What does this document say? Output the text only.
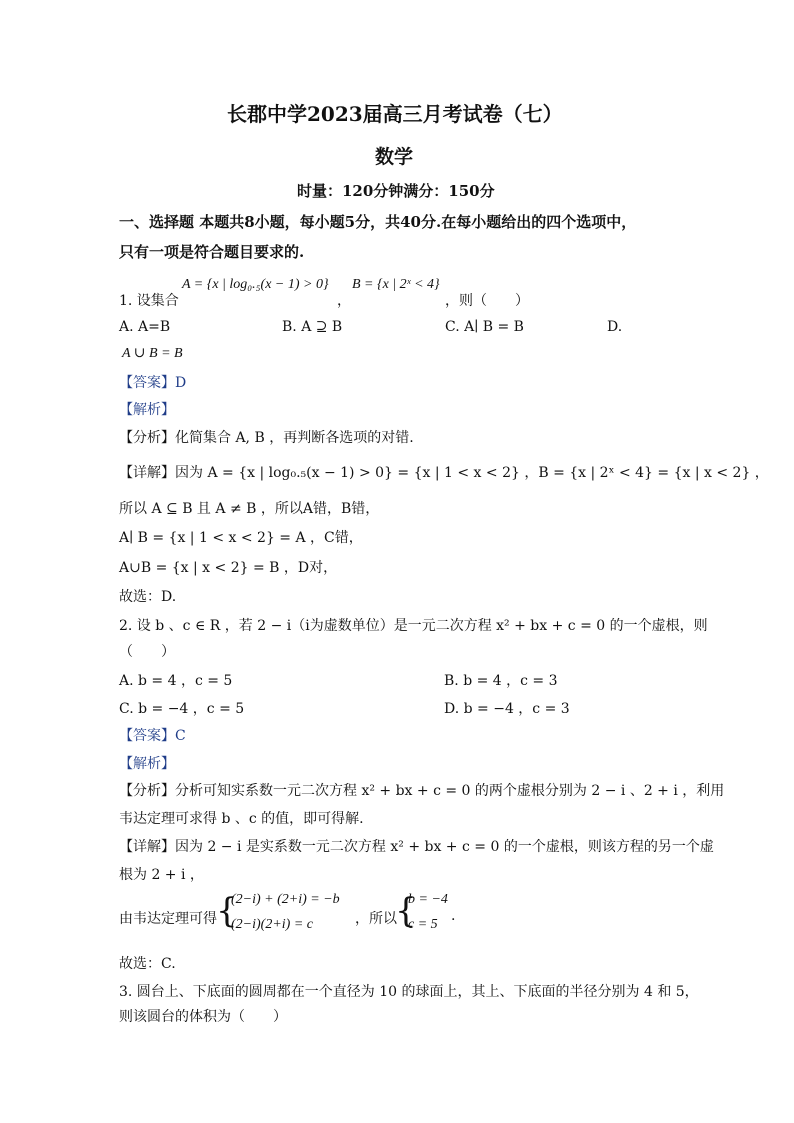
长郡中学2023届高三月考试卷（七）
数学
时量：120分钟满分：150分
一、选择题 本题共8小题，每小题5分，共40分.在每小题给出的四个选项中，
只有一项是符合题目要求的.
1. 设集合
A = {x | log₀.₅(x − 1) > 0}
，
B = {x | 2ˣ < 4}
，则（　　）
A. A=B	B. A ⊇ B	C. A∣ B = B	D.
A ∪ B = B
【答案】D
【解析】
【分析】化简集合 A, B ，再判断各选项的对错.
【详解】因为 A = {x | log₀.₅(x − 1) > 0} = {x | 1 < x < 2} ，B = {x | 2ˣ < 4} = {x | x < 2} ，
所以 A ⊆ B 且 A ≠ B ，所以A错，B错，
A∣ B = {x | 1 < x < 2} = A ，C错，
A∪B = {x | x < 2} = B ，D对，
故选：D.
2. 设 b 、c ∈ R ，若 2 − i（i为虚数单位）是一元二次方程 x² + bx + c = 0 的一个虚根，则
（　　）
A. b = 4 ，c = 5	B. b = 4 ，c = 3
C. b = −4 ，c = 5	D. b = −4 ，c = 3
【答案】C
【解析】
【分析】分析可知实系数一元二次方程 x² + bx + c = 0 的两个虚根分别为 2 − i 、2 + i ，利用
韦达定理可求得 b 、c 的值，即可得解.
【详解】因为 2 − i 是实系数一元二次方程 x² + bx + c = 0 的一个虚根，则该方程的另一个虚
根为 2 + i ，
由韦达定理可得 {
(2−i) + (2+i) = −b
(2−i)(2+i) = c	，所以
{
b = −4
c = 5
.
故选：C.
3. 圆台上、下底面的圆周都在一个直径为 10 的球面上，其上、下底面的半径分别为 4 和 5，
则该圆台的体积为（　　）
